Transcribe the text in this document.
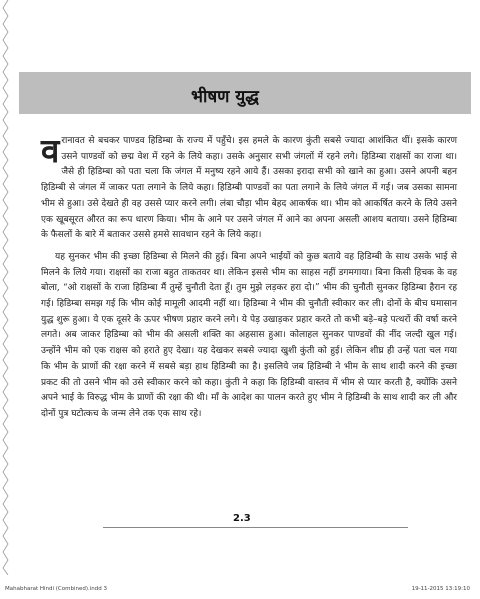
भीषण युद्ध

वरानावत से बचकर पाण्डव हिडिम्बा के राज्य में पहुँचे। इस हमले के कारण कुंती सबसे ज्यादा आशंकित थीं। इसके कारण उसने पाण्डवों को छद्म वेश में रहने के लिये कहा। उसके अनुसार सभी जंगलों में रहने लगे। हिडिम्बा राक्षसों का राजा था। जैसे ही हिडिम्बा को पता चला कि जंगल में मनुष्य रहने आये हैं। उसका इरादा सभी को खाने का हुआ। उसने अपनी बहन हिडिम्बी से जंगल में जाकर पता लगाने के लिये कहा। हिडिम्बी पाण्डवों का पता लगाने के लिये जंगल में गई। जब उसका सामना भीम से हुआ। उसे देखते ही वह उससे प्यार करने लगी। लंबा चौड़ा भीम बेहद आकर्षक था। भीम को आकर्षित करने के लिये उसने एक खूबसूरत औरत का रूप धारण किया। भीम के आने पर उसने जंगल में आने का अपना असली आशय बताया। उसने हिडिम्बा के फैसलों के बारे में बताकर उससे हमसे सावधान रहने के लिये कहा।

यह सुनकर भीम की इच्छा हिडिम्बा से मिलने की हुई। बिना अपने भाईयों को कुछ बताये वह हिडिम्बी के साथ उसके भाई से मिलने के लिये गया। राक्षसों का राजा बहुत ताकतवर था। लेकिन इससे भीम का साहस नहीं डगमगाया। बिना किसी हिचक के वह बोला, “ओ राक्षसों के राजा हिडिम्बा मैं तुम्हें चुनौती देता हूँ। तुम मुझे लड़कर हरा दो।” भीम की चुनौती सुनकर हिडिम्बा हैरान रह गई। हिडिम्बा समझ गई कि भीम कोई मामूली आदमी नहीं था। हिडिम्बा ने भीम की चुनौती स्वीकार कर ली। दोनों के बीच घमासान युद्ध शुरू हुआ। ये एक दूसरे के ऊपर भीषण प्रहार करने लगे। ये पेड़ उखाड़कर प्रहार करते तो कभी बड़े–बड़े पत्थरों की वर्षा करने लगते। अब जाकर हिडिम्बा को भीम की असली शक्ति का अहसास हुआ। कोलाहल सुनकर पाण्डवों की नींद जल्दी खुल गई। उन्होंने भीम को एक राक्षस को हराते हुए देखा। यह देखकर सबसे ज्यादा खुशी कुंती को हुई। लेकिन शीघ्र ही उन्हें पता चल गया कि भीम के प्राणों की रक्षा करने में सबसे बड़ा हाथ हिडिम्बी का है। इसलिये जब हिडिम्बी ने भीम के साथ शादी करने की इच्छा प्रकट की तो उसने भीम को उसे स्वीकार करने को कहा। कुंती ने कहा कि हिडिम्बी वास्तव में भीम से प्यार करती है, क्योंकि उसने अपने भाई के विरुद्ध भीम के प्राणों की रक्षा की थी। माँ के आदेश का पालन करते हुए भीम ने हिडिम्बी के साथ शादी कर ली और दोनों पुत्र घटोत्कच के जन्म लेने तक एक साथ रहे।

2.3
Mahabharat Hindi (Combined).indd 3	19-11-2015 13:19:10
